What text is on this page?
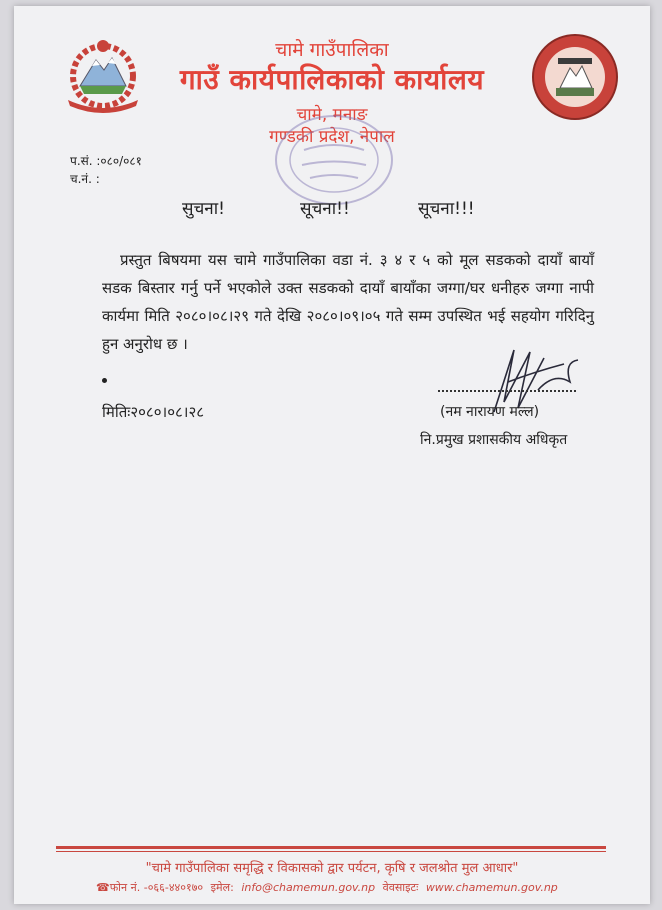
चामे गाउँपालिका
गाउँ कार्यपालिकाको कार्यालय
चामे, मनाङ
गण्डकी प्रदेश, नेपाल
प.सं. :०८०/०८१
च.नं. :
सुचना!	सूचना!!	सूचना!!!

प्रस्तुत बिषयमा यस चामे गाउँपालिका वडा नं. ३ ४ र ५ को मूल सडकको दायाँ बायाँ सडक बिस्तार गर्नु पर्ने भएकोले उक्त सडकको दायाँ बायाँका जग्गा/घर धनीहरु जग्गा नापी कार्यमा मिति २०८०।०८।२९ गते देखि २०८०।०९।०५ गते सम्म उपस्थित भई सहयोग गरिदिनु हुन अनुरोध छ ।

मितिः२०८०।०८।२८	(नम नारायण मल्ल)
नि.प्रमुख प्रशासकीय अधिकृत
"चामे गाउँपालिका समृद्धि र विकासको द्वार पर्यटन, कृषि र जलश्रोत मुल आधार"
☎फोन नं. -०६६-४४०१७० इमेल: info@chamemun.gov.np वेवसाइटः www.chamemun.gov.np
